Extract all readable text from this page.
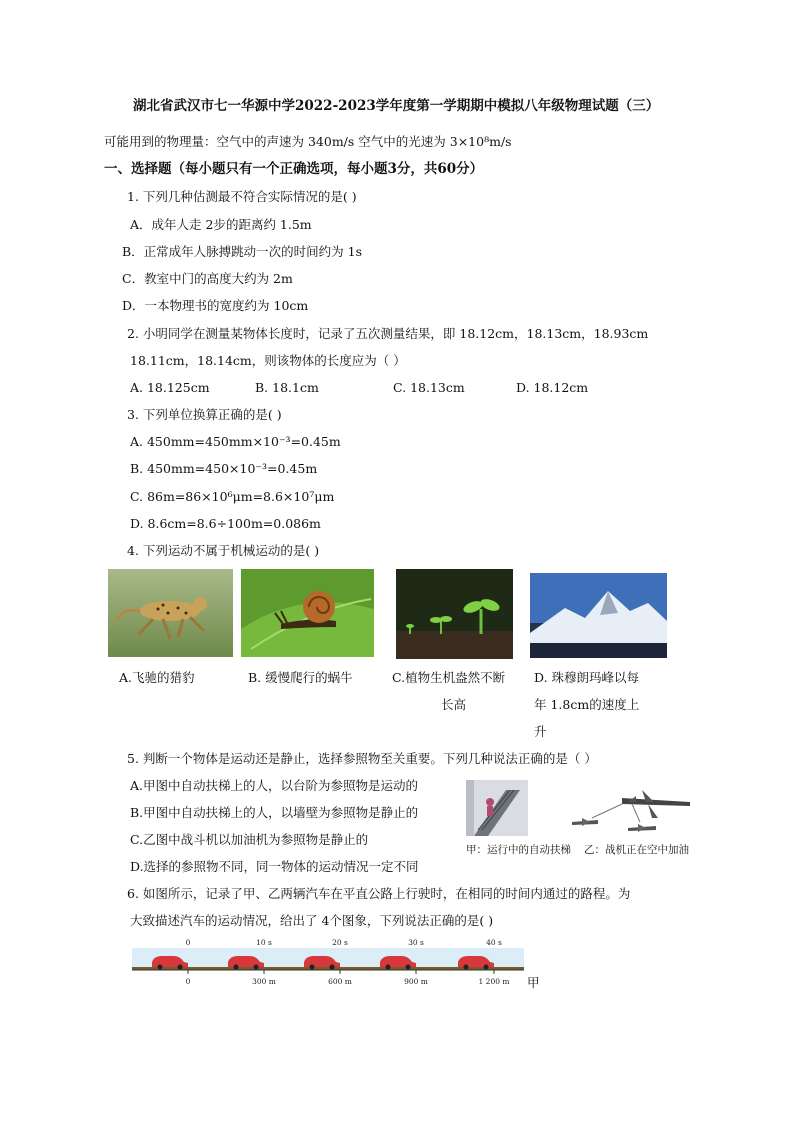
湖北省武汉市七一华源中学2022-2023学年度第一学期期中模拟八年级物理试题（三）
可能用到的物理量：空气中的声速为 340m/s 空气中的光速为 3×10⁸m/s
一、选择题（每小题只有一个正确选项，每小题3分，共60分）
1. 下列几种估测最不符合实际情况的是( )
A．成年人走 2步的距离约 1.5m
B．正常成年人脉搏跳动一次的时间约为 1s
C．教室中门的高度大约为 2m
D．一本物理书的宽度约为 10cm
2. 小明同学在测量某物体长度时，记录了五次测量结果，即 18.12cm，18.13cm，18.93cm
18.11cm，18.14cm，则该物体的长度应为（ ）
A. 18.125cm	B. 18.1cm	C. 18.13cm	D. 18.12cm
3. 下列单位换算正确的是( )
A. 450mm=450mm×10⁻³=0.45m
B. 450mm=450×10⁻³=0.45m
C. 86m=86×10⁶μm=8.6×10⁷μm
D. 8.6cm=8.6÷100m=0.086m
4. 下列运动不属于机械运动的是( )
A.飞驰的猎豹	B. 缓慢爬行的蜗牛	C.植物生机盎然不断
长高
D. 珠穆朗玛峰以每
年 1.8cm的速度上
升
5. 判断一个物体是运动还是静止，选择参照物至关重要。下列几种说法正确的是（ ）
A.甲图中自动扶梯上的人，以台阶为参照物是运动的
B.甲图中自动扶梯上的人，以墙壁为参照物是静止的
C.乙图中战斗机以加油机为参照物是静止的
D.选择的参照物不同，同一物体的运动情况一定不同
甲：运行中的自动扶梯 乙：战机正在空中加油
6. 如图所示，记录了甲、乙两辆汽车在平直公路上行驶时，在相同的时间内通过的路程。为
大致描述汽车的运动情况，给出了 4个图象，下列说法正确的是( )
0	10 s	20 s	30 s	40 s
0	300 m	600 m	900 m	1 200 m 甲
